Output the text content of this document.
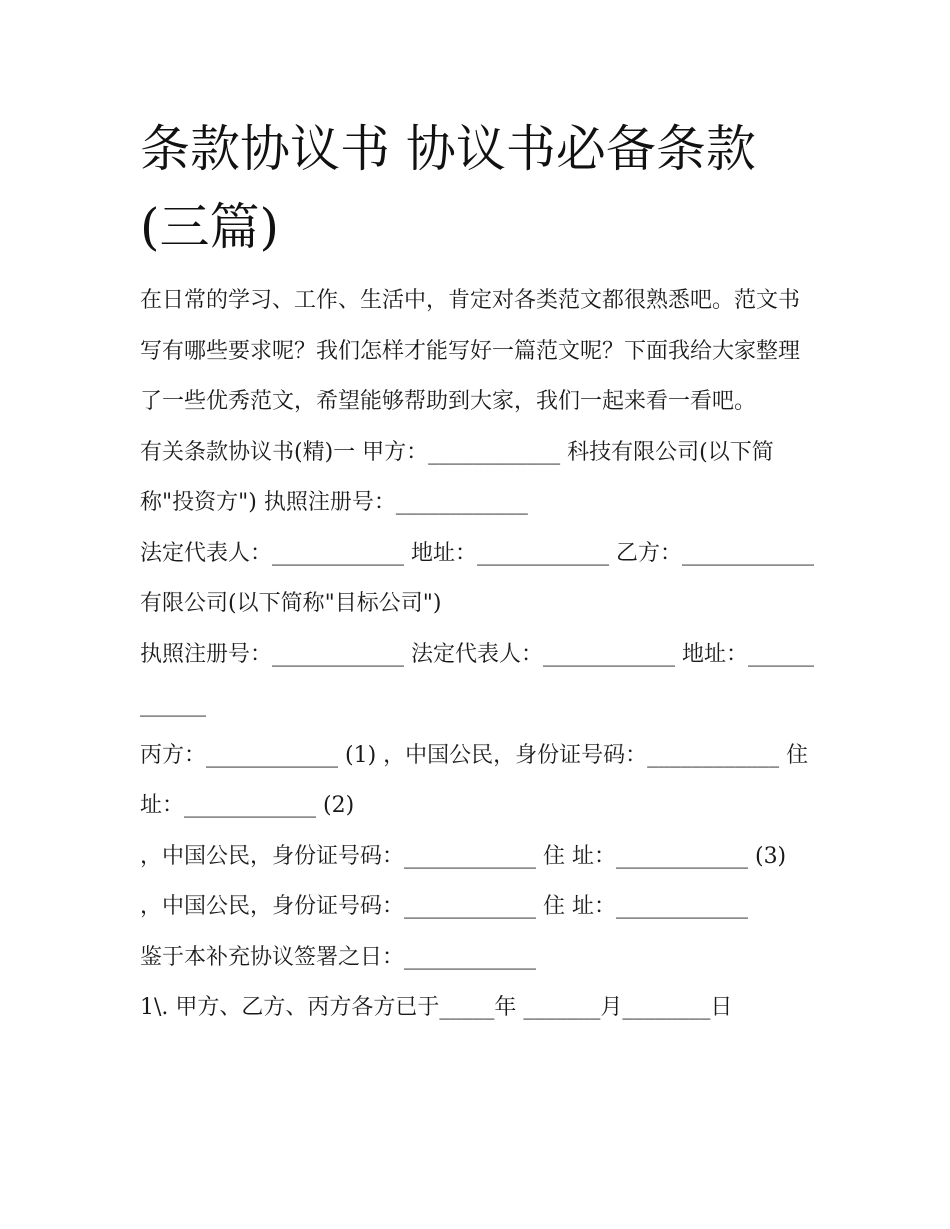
条款协议书 协议书必备条款(三篇)

在日常的学习、工作、生活中，肯定对各类范文都很熟悉吧。范文书写有哪些要求呢？我们怎样才能写好一篇范文呢？下面我给大家整理了一些优秀范文，希望能够帮助到大家，我们一起来看一看吧。

有关条款协议书(精)一 甲方：____________ 科技有限公司(以下简称"投资方") 执照注册号：____________

法定代表人：____________ 地址：____________ 乙方：____________ 有限公司(以下简称"目标公司")

执照注册号：____________ 法定代表人：____________ 地址：____________

丙方：____________ (1) ，中国公民，身份证号码：____________ 住 址：____________ (2)

，中国公民，身份证号码：____________ 住 址：____________ (3)

，中国公民，身份证号码：____________ 住 址：____________

鉴于本补充协议签署之日：____________

1\. 甲方、乙方、丙方各方已于_____年 _______月________日
